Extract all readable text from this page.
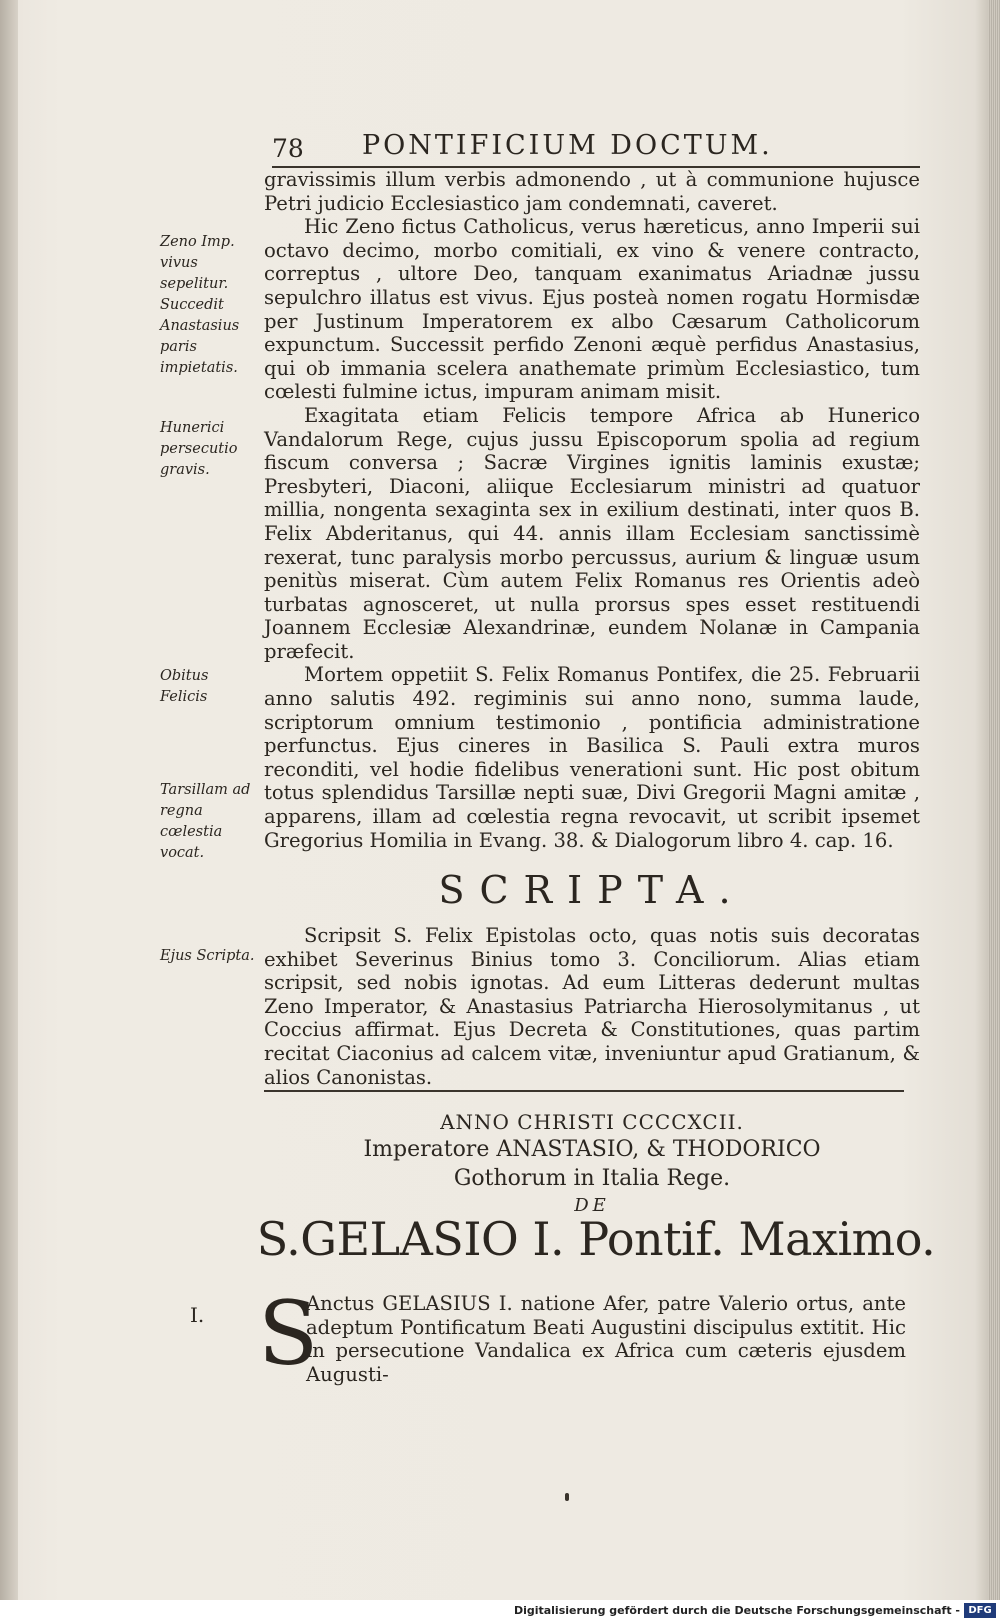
78 PONTIFICIUM DOCTUM.
Zeno Imp. vivus sepelitur. Succedit Anastasius paris impietatis.
Hunerici persecutio gravis.
Obitus Felicis
Tarsillam ad regna cœlestia vocat.
Ejus Scripta.

gravissimis illum verbis admonendo , ut à communione hujusce Petri judicio Ecclesiastico jam condemnati, caveret.

Hic Zeno fictus Catholicus, verus hæreticus, anno Imperii sui octavo decimo, morbo comitiali, ex vino & venere contracto, correptus , ultore Deo, tanquam exanimatus Ariadnæ jussu sepulchro illatus est vivus. Ejus posteà nomen rogatu Hormisdæ per Justinum Imperatorem ex albo Cæsarum Catholicorum expunctum. Successit perfido Zenoni æquè perfidus Anastasius, qui ob immania scelera anathemate primùm Ecclesiastico, tum cœlesti fulmine ictus, impuram animam misit.

Exagitata etiam Felicis tempore Africa ab Hunerico Vandalorum Rege, cujus jussu Episcoporum spolia ad regium fiscum conversa ; Sacræ Virgines ignitis laminis exustæ; Presbyteri, Diaconi, aliique Ecclesiarum ministri ad quatuor millia, nongenta sexaginta sex in exilium destinati, inter quos B. Felix Abderitanus, qui 44. annis illam Ecclesiam sanctissimè rexerat, tunc paralysis morbo percussus, aurium & linguæ usum penitùs miserat. Cùm autem Felix Romanus res Orientis adeò turbatas agnosceret, ut nulla prorsus spes esset restituendi Joannem Ecclesiæ Alexandrinæ, eundem Nolanæ in Campania præfecit.

Mortem oppetiit S. Felix Romanus Pontifex, die 25. Februarii anno salutis 492. regiminis sui anno nono, summa laude, scriptorum omnium testimonio , pontificia administratione perfunctus. Ejus cineres in Basilica S. Pauli extra muros reconditi, vel hodie fidelibus venerationi sunt. Hic post obitum totus splendidus Tarsillæ nepti suæ, Divi Gregorii Magni amitæ , apparens, illam ad cœlestia regna revocavit, ut scribit ipsemet Gregorius Homilia in Evang. 38. & Dialogorum libro 4. cap. 16.

SCRIPTA.

Scripsit S. Felix Epistolas octo, quas notis suis decoratas exhibet Severinus Binius tomo 3. Conciliorum. Alias etiam scripsit, sed nobis ignotas. Ad eum Litteras dederunt multas Zeno Imperator, & Anastasius Patriarcha Hierosolymitanus , ut Coccius affirmat. Ejus Decreta & Constitutiones, quas partim recitat Ciaconius ad calcem vitæ, inveniuntur apud Gratianum, & alios Canonistas.

ANNO CHRISTI CCCCXCII.
Imperatore ANASTASIO, & THODORICO
Gothorum in Italia Rege.
DE
S.GELASIO I. Pontif. Maximo.
I. S
Anctus GELASIUS I. natione Afer, patre Valerio ortus, ante adeptum Pontificatum Beati Augustini discipulus extitit. Hic in persecutione Vandalica ex Africa cum cæteris ejusdem Augusti-
Digitalisierung gefördert durch die Deutsche Forschungsgemeinschaft - DFG
